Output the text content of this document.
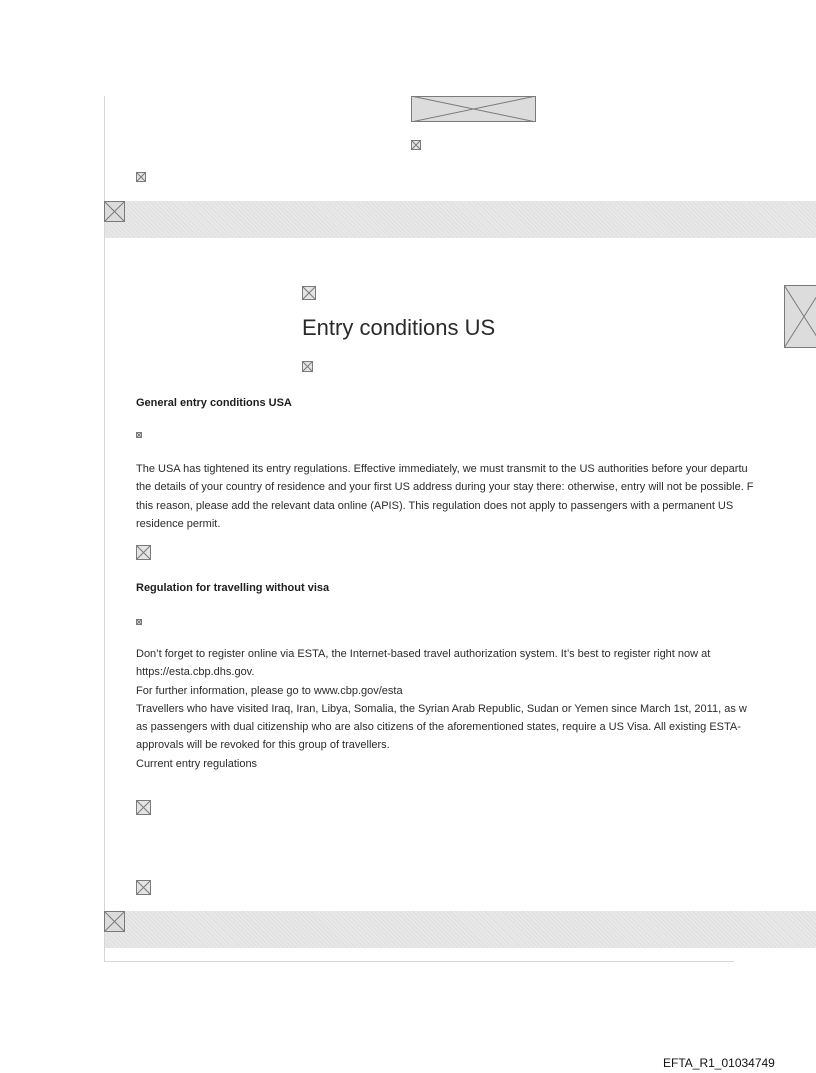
Entry conditions US
General entry conditions USA
The USA has tightened its entry regulations. Effective immediately, we must transmit to the US authorities before your departu
the details of your country of residence and your first US address during your stay there: otherwise, entry will not be possible. F
this reason, please add the relevant data online (APIS). This regulation does not apply to passengers with a permanent US
residence permit.
Regulation for travelling without visa
Don’t forget to register online via ESTA, the Internet-based travel authorization system. It’s best to register right now at
https://esta.cbp.dhs.gov.
For further information, please go to www.cbp.gov/esta
Travellers who have visited Iraq, Iran, Libya, Somalia, the Syrian Arab Republic, Sudan or Yemen since March 1st, 2011, as w
as passengers with dual citizenship who are also citizens of the aforementioned states, require a US Visa. All existing ESTA-
approvals will be revoked for this group of travellers.
Current entry regulations
EFTA_R1_01034749
